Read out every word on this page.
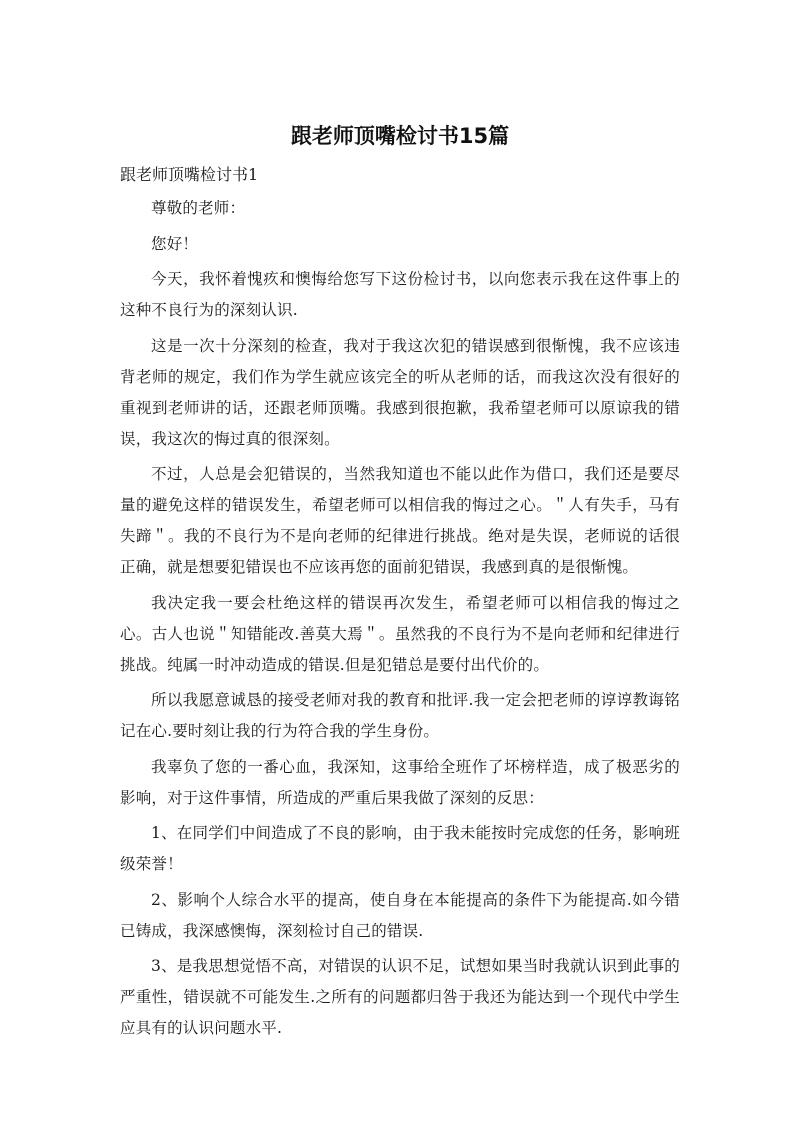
跟老师顶嘴检讨书15篇

跟老师顶嘴检讨书1

尊敬的老师：

您好！

今天，我怀着愧疚和懊悔给您写下这份检讨书，以向您表示我在这件事上的这种不良行为的深刻认识.

这是一次十分深刻的检查，我对于我这次犯的错误感到很惭愧，我不应该违背老师的规定，我们作为学生就应该完全的听从老师的话，而我这次没有很好的重视到老师讲的话，还跟老师顶嘴。我感到很抱歉，我希望老师可以原谅我的错误，我这次的悔过真的很深刻。

不过，人总是会犯错误的，当然我知道也不能以此作为借口，我们还是要尽量的避免这样的错误发生，希望老师可以相信我的悔过之心。＂人有失手，马有失蹄＂。我的不良行为不是向老师的纪律进行挑战。绝对是失误，老师说的话很正确，就是想要犯错误也不应该再您的面前犯错误，我感到真的是很惭愧。

我决定我一要会杜绝这样的错误再次发生，希望老师可以相信我的悔过之心。古人也说＂知错能改.善莫大焉＂。虽然我的不良行为不是向老师和纪律进行挑战。纯属一时冲动造成的错误.但是犯错总是要付出代价的。

所以我愿意诚恳的接受老师对我的教育和批评.我一定会把老师的谆谆教诲铭记在心.要时刻让我的行为符合我的学生身份。

我辜负了您的一番心血，我深知，这事给全班作了坏榜样造，成了极恶劣的影响，对于这件事情，所造成的严重后果我做了深刻的反思：

1、在同学们中间造成了不良的影响，由于我未能按时完成您的任务，影响班级荣誉！

2、影响个人综合水平的提高，使自身在本能提高的条件下为能提高.如今错已铸成，我深感懊悔，深刻检讨自己的错误.

3、是我思想觉悟不高，对错误的认识不足，试想如果当时我就认识到此事的严重性，错误就不可能发生.之所有的问题都归咎于我还为能达到一个现代中学生应具有的认识问题水平.
